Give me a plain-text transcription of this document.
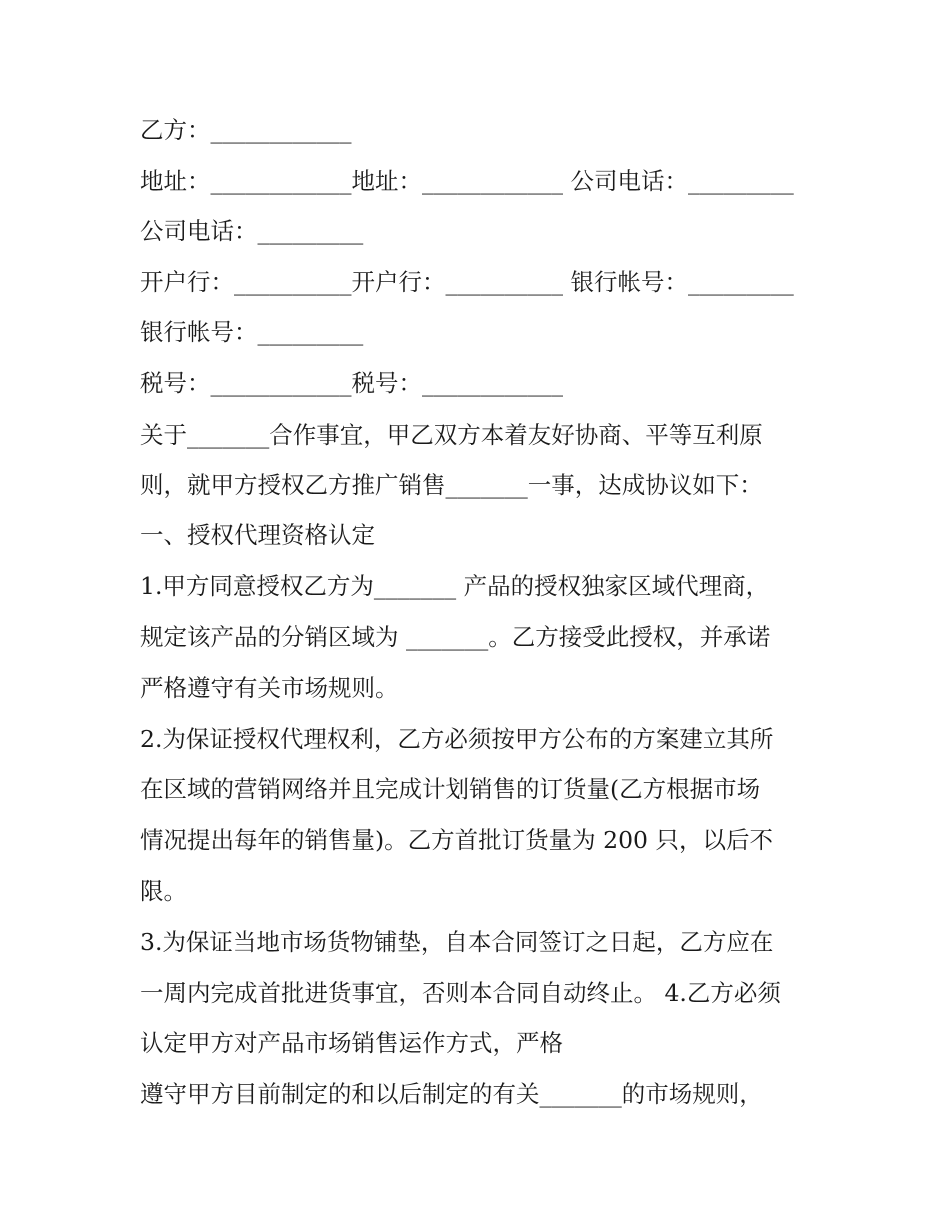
乙方：____________
地址：____________地址：____________ 公司电话：_________
公司电话：_________
开户行：__________开户行：__________ 银行帐号：_________
银行帐号：_________
税号：____________税号：____________
关于_______合作事宜，甲乙双方本着友好协商、平等互利原
则，就甲方授权乙方推广销售_______一事，达成协议如下：
一、授权代理资格认定
1.甲方同意授权乙方为_______ 产品的授权独家区域代理商，
规定该产品的分销区域为 _______。乙方接受此授权，并承诺
严格遵守有关市场规则。
2.为保证授权代理权利，乙方必须按甲方公布的方案建立其所
在区域的营销网络并且完成计划销售的订货量(乙方根据市场
情况提出每年的销售量)。乙方首批订货量为 200 只，以后不
限。
3.为保证当地市场货物铺垫，自本合同签订之日起，乙方应在
一周内完成首批进货事宜，否则本合同自动终止。 4.乙方必须
认定甲方对产品市场销售运作方式，严格
遵守甲方目前制定的和以后制定的有关_______的市场规则，
